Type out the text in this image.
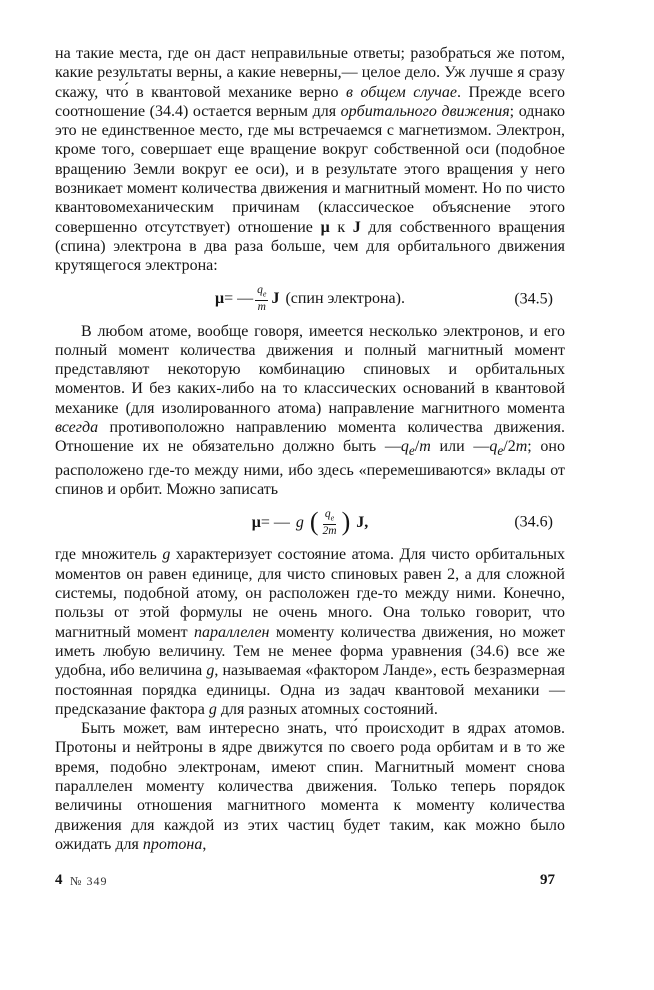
на такие места, где он даст неправильные ответы; разобраться же потом, какие результаты верны, а какие неверны,— целое дело. Уж лучше я сразу скажу, что́ в квантовой механике верно в общем случае. Прежде всего соотношение (34.4) остается верным для орбитального движения; однако это не единственное место, где мы встречаемся с магнетизмом. Электрон, кроме того, совершает еще вращение вокруг собственной оси (подобное вращению Земли вокруг ее оси), и в результате этого вращения у него возникает момент количества движения и магнитный момент. Но по чисто квантовомеханическим причинам (классическое объяснение этого совершенно отсутствует) отношение μ к J для собственного вращения (спина) электрона в два раза больше, чем для орбитального движения крутящегося электрона:

μ = — $\frac{q_e}{m}$ J (спин электрона).	(34.5)

В любом атоме, вообще говоря, имеется несколько электронов, и его полный момент количества движения и полный магнитный момент представляют некоторую комбинацию спиновых и орбитальных моментов. И без каких-либо на то классических оснований в квантовой механике (для изолированного атома) направление магнитного момента всегда противоположно направлению момента количества движения. Отношение их не обязательно должно быть $—q_e/m$ или $—q_e/2m$; оно расположено где-то между ними, ибо здесь «перемешиваются» вклады от спинов и орбит. Можно записать

μ = — g ( $\frac{q_e}{2m}$ ) J,	(34.6)

где множитель g характеризует состояние атома. Для чисто орбитальных моментов он равен единице, для чисто спиновых равен 2, а для сложной системы, подобной атому, он расположен где-то между ними. Конечно, пользы от этой формулы не очень много. Она только говорит, что магнитный момент параллелен моменту количества движения, но может иметь любую величину. Тем не менее форма уравнения (34.6) все же удобна, ибо величина g, называемая «фактором Ланде», есть безразмерная постоянная порядка единицы. Одна из задач квантовой механики — предсказание фактора g для разных атомных состояний.

Быть может, вам интересно знать, что́ происходит в ядрах атомов. Протоны и нейтроны в ядре движутся по своего рода орбитам и в то же время, подобно электронам, имеют спин. Магнитный момент снова параллелен моменту количества движения. Только теперь порядок величины отношения магнитного момента к моменту количества движения для каждой из этих частиц будет таким, как можно было ожидать для протона,

4 № 349	97
